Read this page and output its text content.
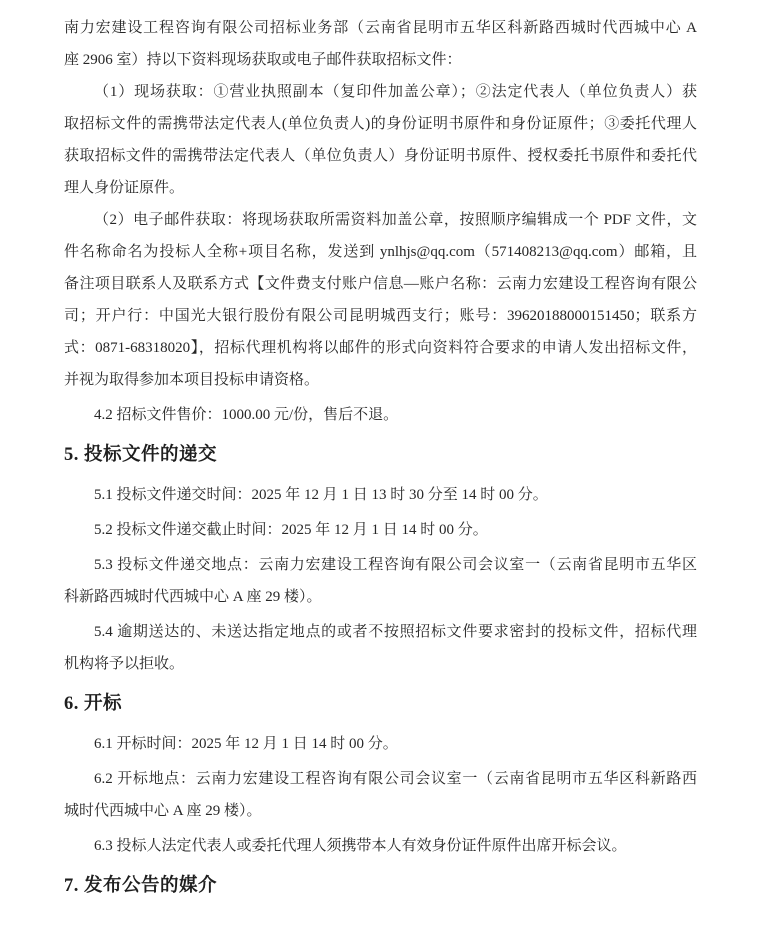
南力宏建设工程咨询有限公司招标业务部（云南省昆明市五华区科新路西城时代西城中心 A
座 2906 室）持以下资料现场获取或电子邮件获取招标文件：
（1）现场获取：①营业执照副本（复印件加盖公章）；②法定代表人（单位负责人）获
取招标文件的需携带法定代表人(单位负责人)的身份证明书原件和身份证原件；③委托代理人
获取招标文件的需携带法定代表人（单位负责人）身份证明书原件、授权委托书原件和委托代
理人身份证原件。
（2）电子邮件获取：将现场获取所需资料加盖公章，按照顺序编辑成一个 PDF 文件，文
件名称命名为投标人全称+项目名称，发送到 ynlhjs@qq.com（571408213@qq.com）邮箱，且
备注项目联系人及联系方式【文件费支付账户信息—账户名称：云南力宏建设工程咨询有限公
司；开户行：中国光大银行股份有限公司昆明城西支行；账号：39620188000151450；联系方
式：0871-68318020】，招标代理机构将以邮件的形式向资料符合要求的申请人发出招标文件，
并视为取得参加本项目投标申请资格。
4.2 招标文件售价：1000.00 元/份，售后不退。
5. 投标文件的递交
5.1 投标文件递交时间：2025 年 12 月 1 日 13 时 30 分至 14 时 00 分。
5.2 投标文件递交截止时间：2025 年 12 月 1 日 14 时 00 分。
5.3 投标文件递交地点：云南力宏建设工程咨询有限公司会议室一（云南省昆明市五华区
科新路西城时代西城中心 A 座 29 楼）。
5.4 逾期送达的、未送达指定地点的或者不按照招标文件要求密封的投标文件，招标代理
机构将予以拒收。
6. 开标
6.1 开标时间：2025 年 12 月 1 日 14 时 00 分。
6.2 开标地点：云南力宏建设工程咨询有限公司会议室一（云南省昆明市五华区科新路西
城时代西城中心 A 座 29 楼）。
6.3 投标人法定代表人或委托代理人须携带本人有效身份证件原件出席开标会议。
7. 发布公告的媒介
